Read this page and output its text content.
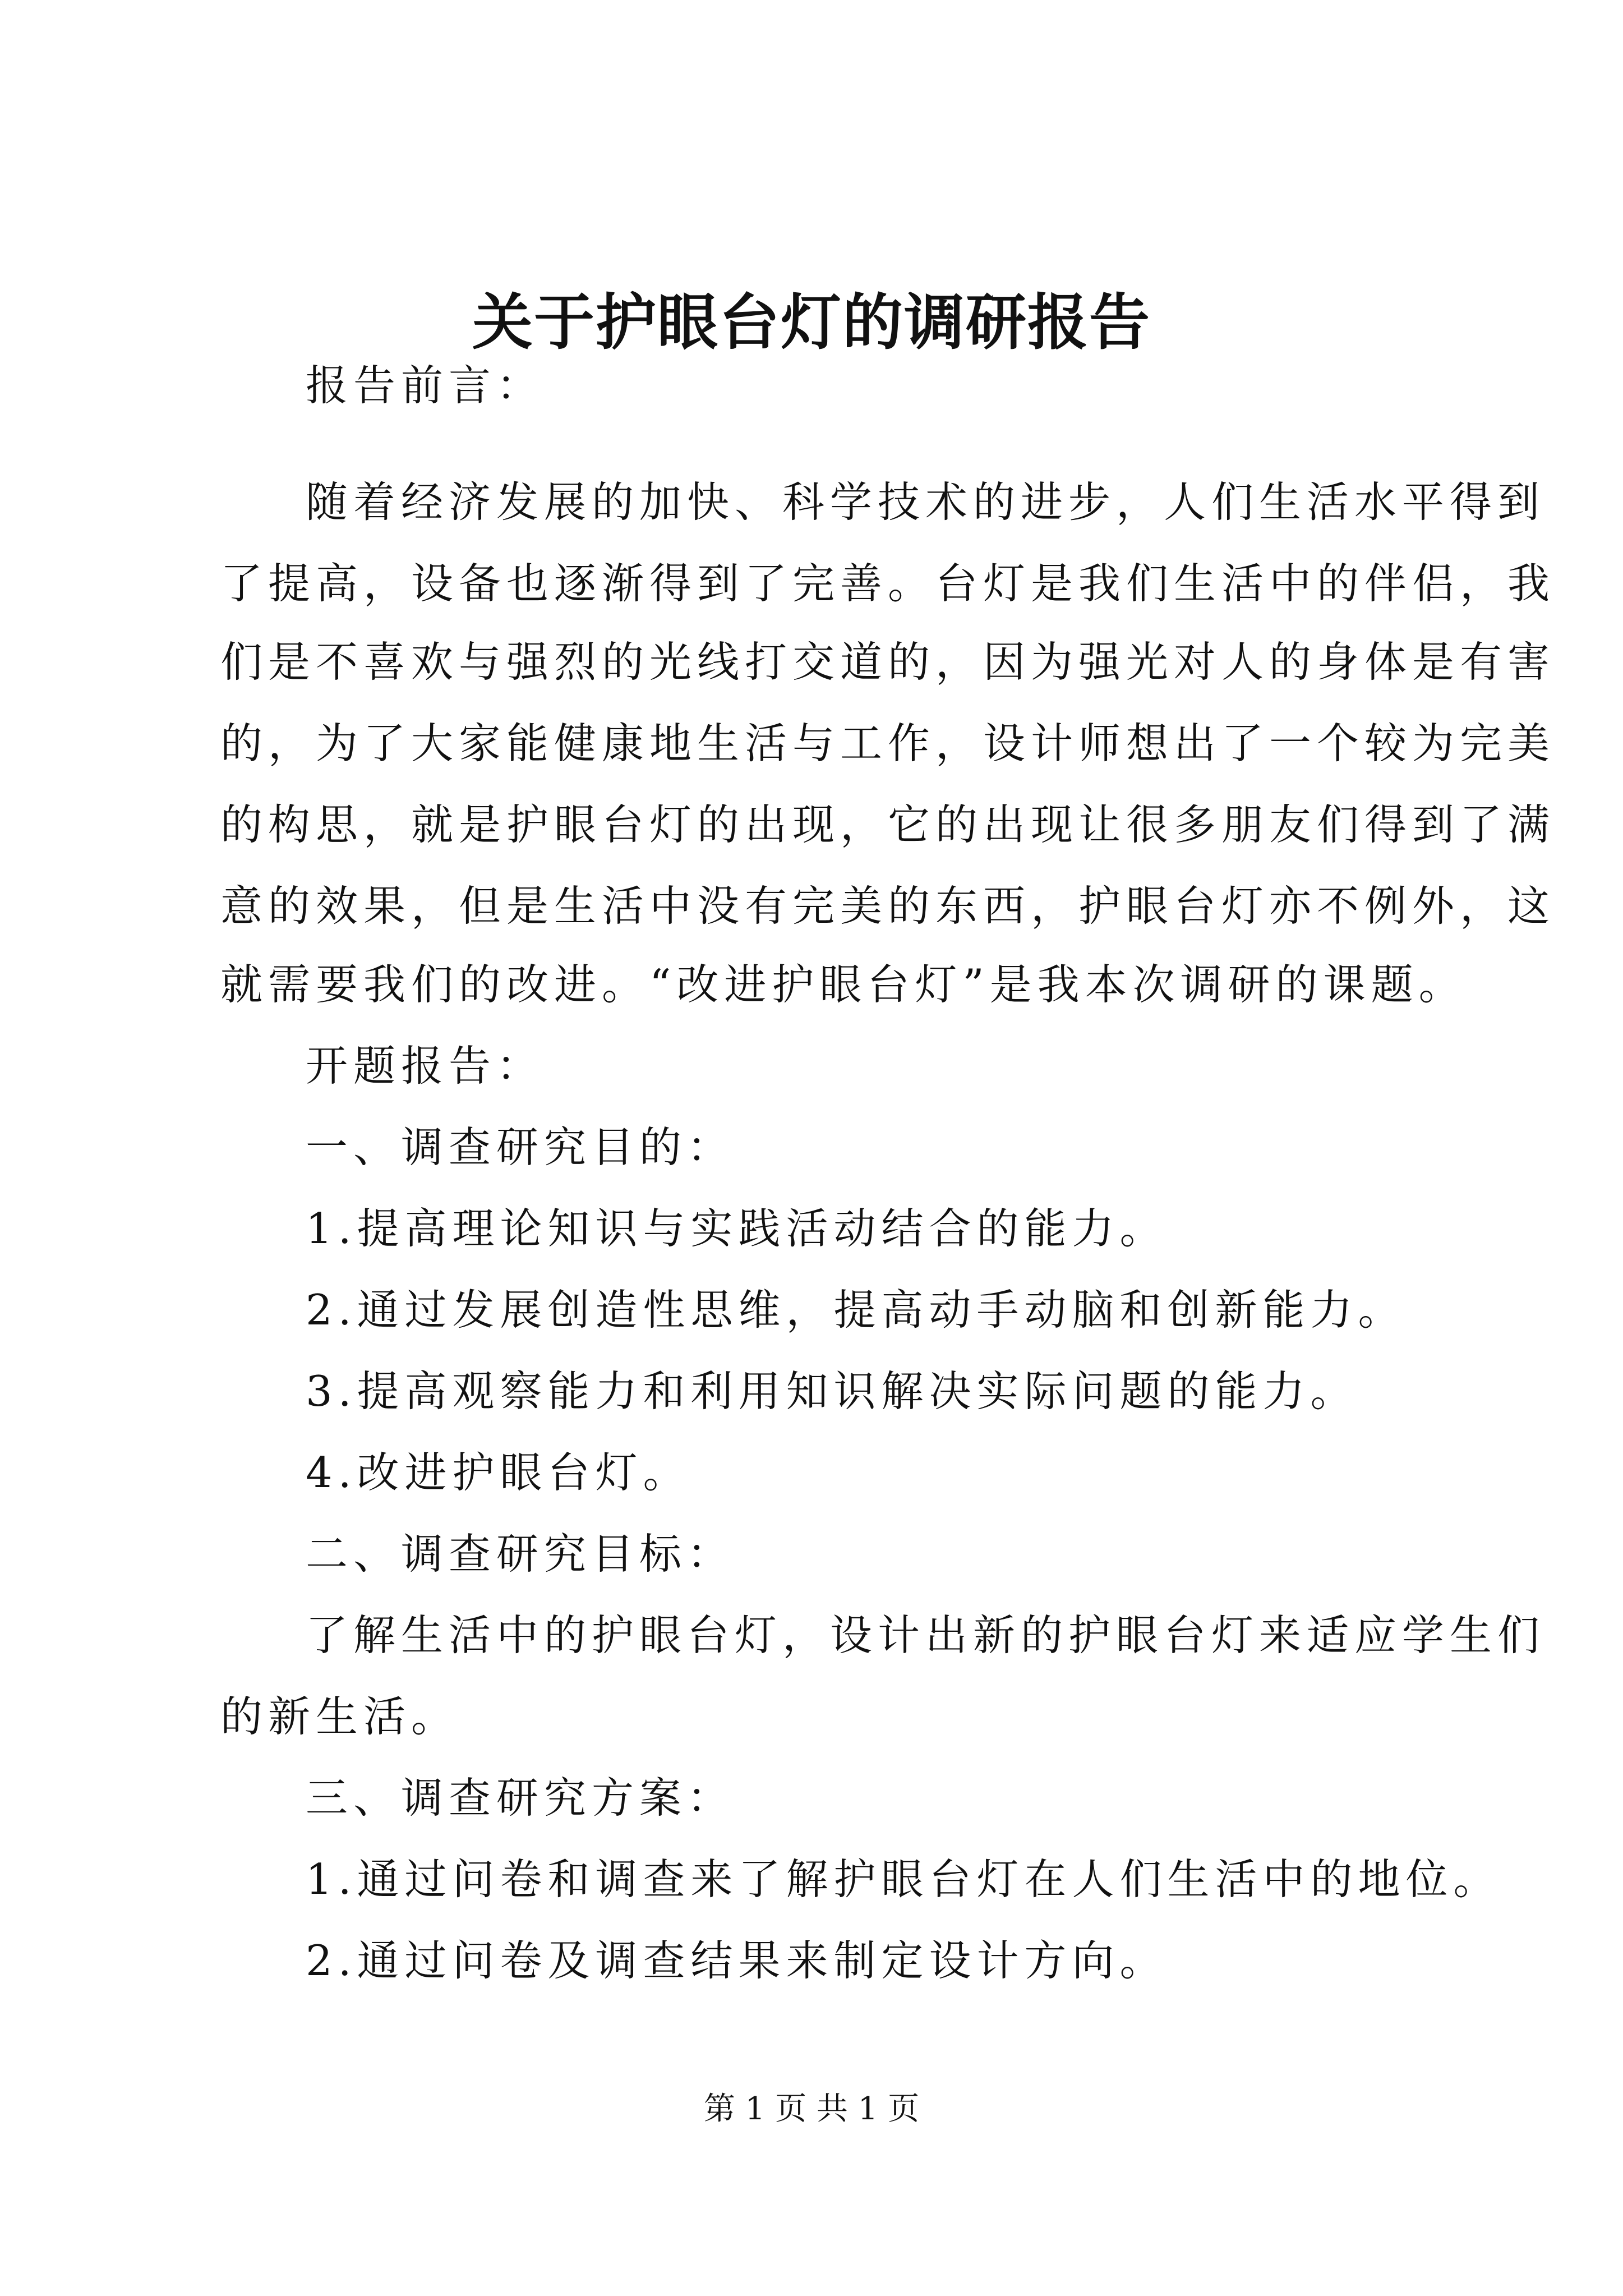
关于护眼台灯的调研报告
报告前言：
随着经济发展的加快、科学技术的进步，人们生活水平得到
了提高，设备也逐渐得到了完善。台灯是我们生活中的伴侣，我
们是不喜欢与强烈的光线打交道的，因为强光对人的身体是有害
的，为了大家能健康地生活与工作，设计师想出了一个较为完美
的构思，就是护眼台灯的出现，它的出现让很多朋友们得到了满
意的效果，但是生活中没有完美的东西，护眼台灯亦不例外，这
就需要我们的改进。“改进护眼台灯”是我本次调研的课题。
开题报告：
一、调查研究目的：
1.提高理论知识与实践活动结合的能力。
2.通过发展创造性思维，提高动手动脑和创新能力。
3.提高观察能力和利用知识解决实际问题的能力。
4.改进护眼台灯。
二、调查研究目标：
了解生活中的护眼台灯，设计出新的护眼台灯来适应学生们
的新生活。
三、调查研究方案：
1.通过问卷和调查来了解护眼台灯在人们生活中的地位。
2.通过问卷及调查结果来制定设计方向。
第 1 页 共 1 页
